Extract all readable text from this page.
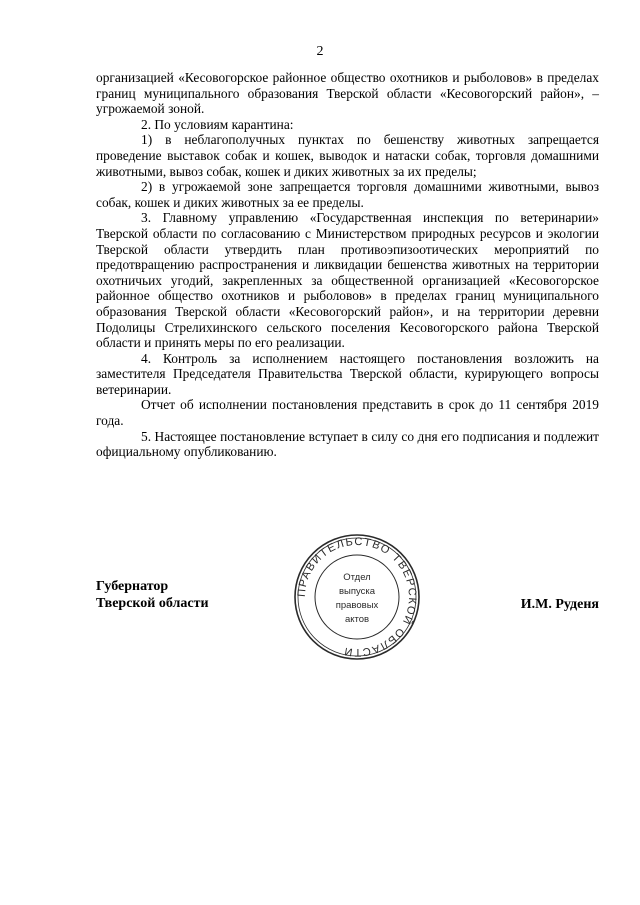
2

организацией «Кесовогорское районное общество охотников и рыболовов» в пределах границ муниципального образования Тверской области «Кесовогорский район», – угрожаемой зоной.

2. По условиям карантина:

1) в неблагополучных пунктах по бешенству животных запрещается проведение выставок собак и кошек, выводок и натаски собак, торговля домашними животными, вывоз собак, кошек и диких животных за их пределы;

2) в угрожаемой зоне запрещается торговля домашними животными, вывоз собак, кошек и диких животных за ее пределы.

3. Главному управлению «Государственная инспекция по ветеринарии» Тверской области по согласованию с Министерством природных ресурсов и экологии Тверской области утвердить план противоэпизоотических мероприятий по предотвращению распространения и ликвидации бешенства животных на территории охотничьих угодий, закрепленных за общественной организацией «Кесовогорское районное общество охотников и рыболовов» в пределах границ муниципального образования Тверской области «Кесовогорский район», и на территории деревни Подолицы Стрелихинского сельского поселения Кесовогорского района Тверской области и принять меры по его реализации.

4. Контроль за исполнением настоящего постановления возложить на заместителя Председателя Правительства Тверской области, курирующего вопросы ветеринарии.

Отчет об исполнении постановления представить в срок до 11 сентября 2019 года.

5. Настоящее постановление вступает в силу со дня его подписания и подлежит официальному опубликованию.

Губернатор
Тверской области
ПРАВИТЕЛЬСТВО ТВЕРСКОЙ ОБЛАСТИ
Отдел
выпуска
правовых
актов
И.М. Руденя
